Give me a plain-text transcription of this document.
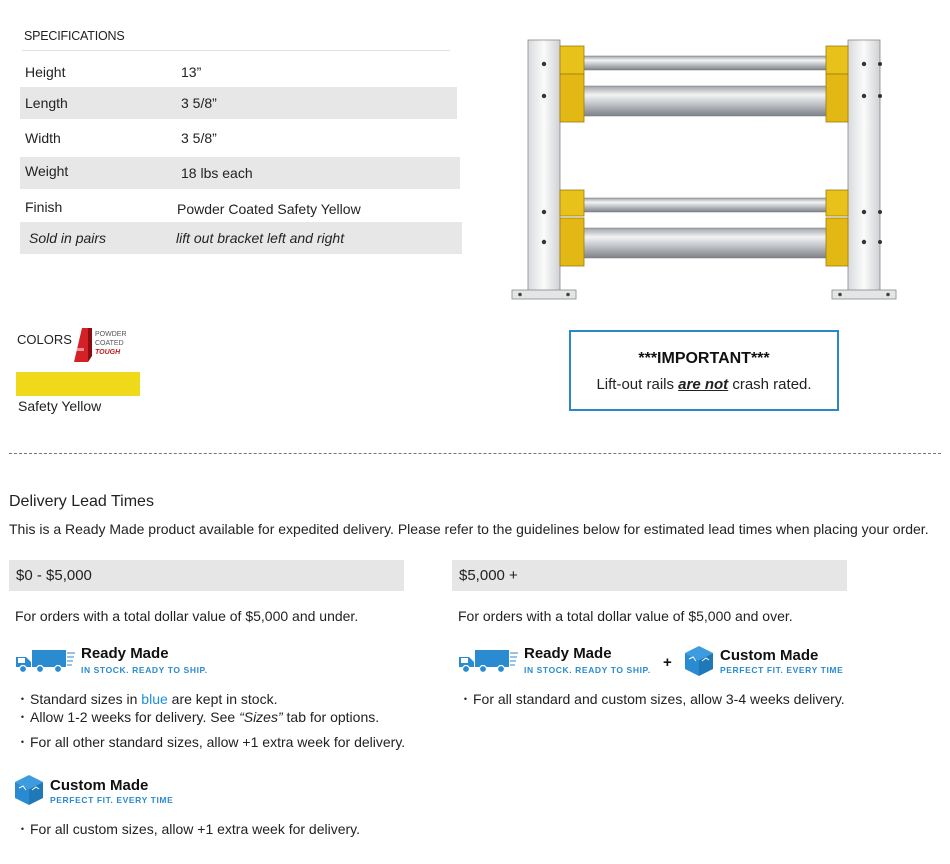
SPECIFICATIONS
Height	13”
Length	3 5/8”
Width	3 5/8”
Weight	18 lbs each
Finish	Powder Coated Safety Yellow
Sold in pairs	lift out bracket left and right
COLORS	POWDER
COATED
TOUGH
Safety Yellow
***IMPORTANT***
Lift-out rails are not crash rated.
Delivery Lead Times
This is a Ready Made product available for expedited delivery. Please refer to the guidelines below for estimated lead times when placing your order.
$0 - $5,000
For orders with a total dollar value of $5,000 and under.
Ready Made
IN STOCK. READY TO SHIP.
• Standard sizes in blue are kept in stock.
• Allow 1-2 weeks for delivery. See “Sizes” tab for options.
• For all other standard sizes, allow +1 extra week for delivery.
Custom Made
PERFECT FIT. EVERY TIME
• For all custom sizes, allow +1 extra week for delivery.
$5,000 +
For orders with a total dollar value of $5,000 and over.
Ready Made
IN STOCK. READY TO SHIP. +	Custom Made
PERFECT FIT. EVERY TIME
• For all standard and custom sizes, allow 3-4 weeks delivery.
